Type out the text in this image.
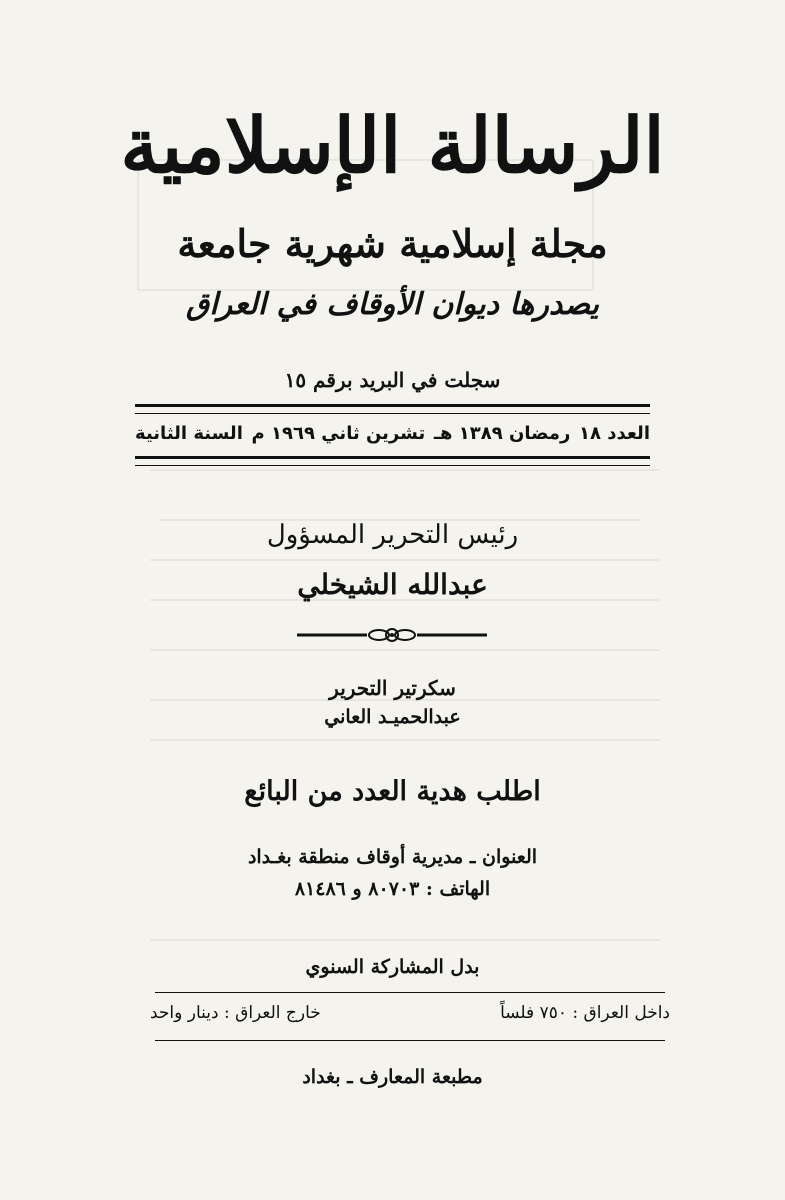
الرسالة الإسلامية
مجلة إسلامية شهرية جامعة
يصدرها ديوان الأوقاف في العراق
سجلت في البريد برقم ١٥
العدد ١٨
رمضان ١٣٨٩ هـ
تشرين ثاني ١٩٦٩ م
السنة الثانية
رئيس التحرير المسؤول
عبدالله الشيخلي
سكرتير التحرير
عبدالحميـد العاني
اطلب هدية العدد من البائع
العنوان ـ مديرية أوقاف منطقة بغـداد
الهاتف : ٨٠٧٠٣ و ٨١٤٨٦
بدل المشاركة السنوي
داخل العراق : ٧٥٠ فلساً
خارج العراق : دينار واحد
مطبعة المعارف ـ بغداد
